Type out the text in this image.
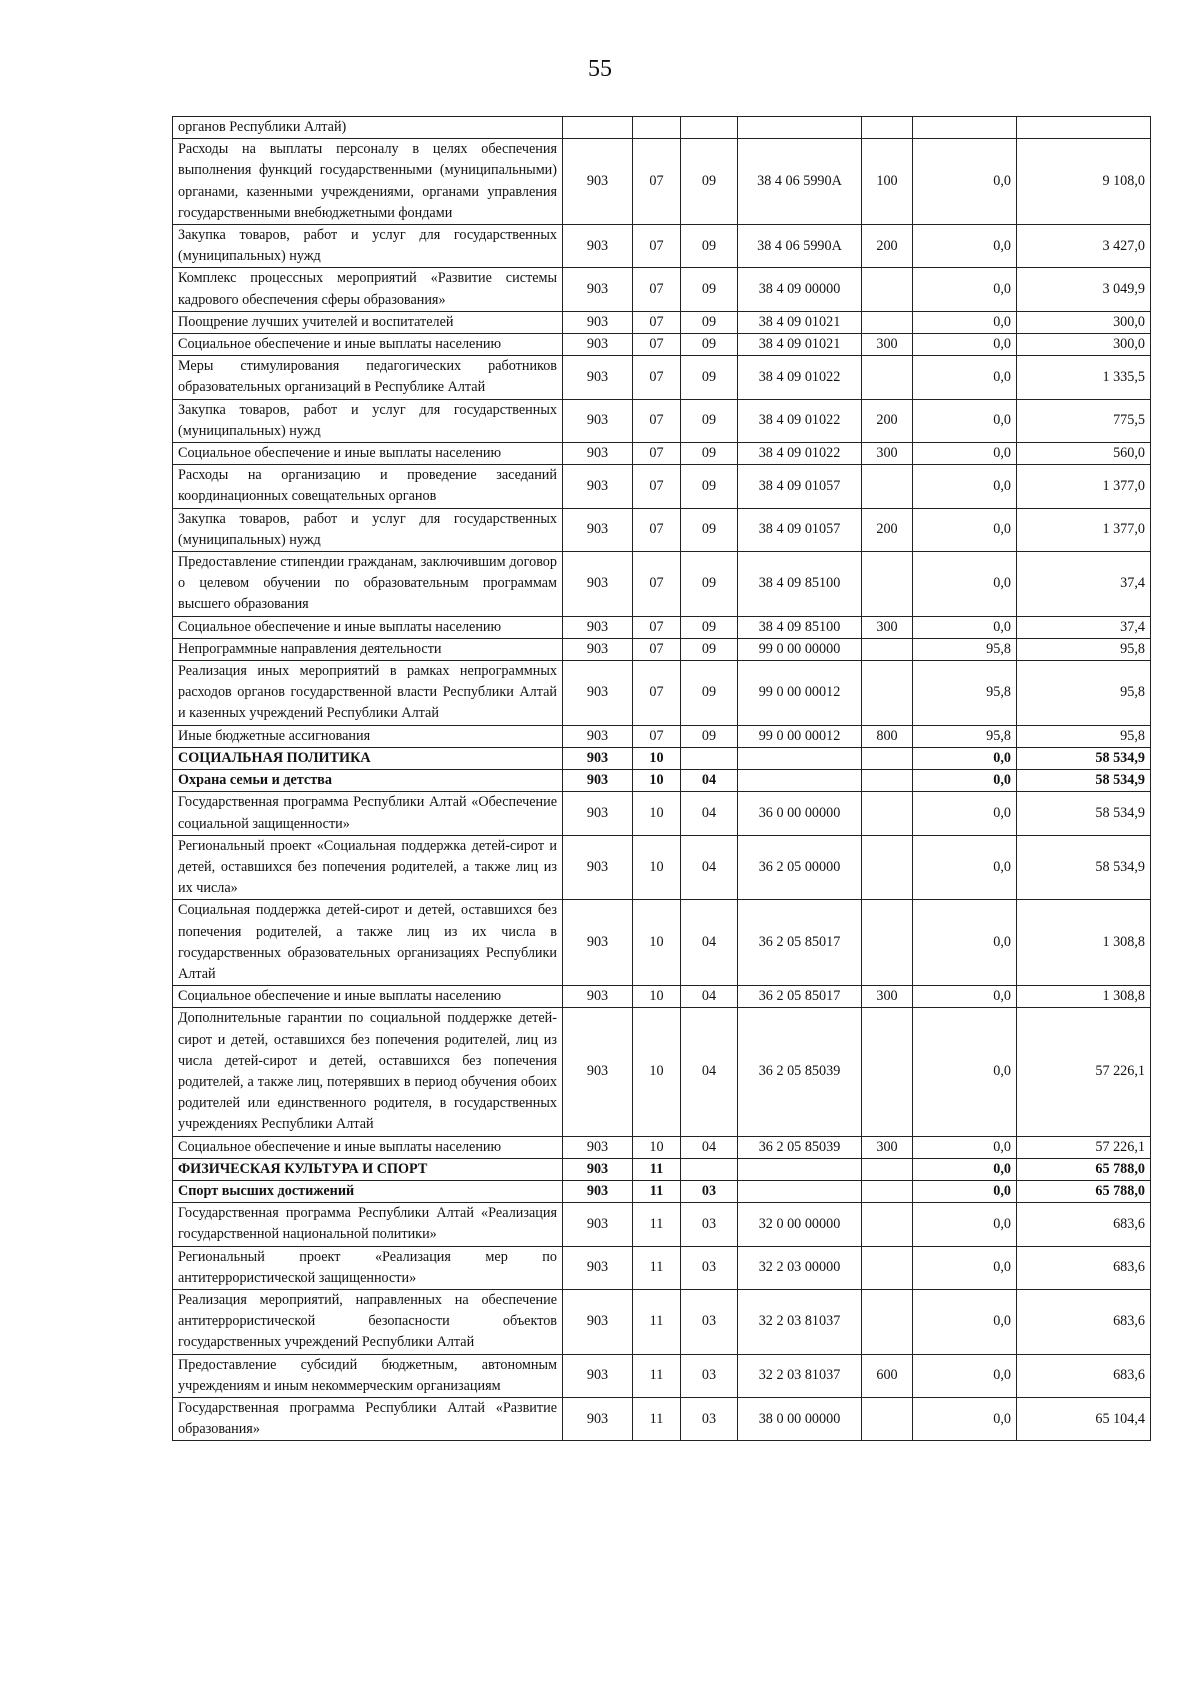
55
органов Республики Алтай)							
Расходы на выплаты персоналу в целях обеспечения выполнения функций государственными (муниципальными) органами, казенными учреждениями, органами управления государственными внебюджетными фондами	903	07	09	38 4 06 5990А	100	0,0	9 108,0
Закупка товаров, работ и услуг для государственных (муниципальных) нужд	903	07	09	38 4 06 5990А	200	0,0	3 427,0
Комплекс процессных мероприятий «Развитие системы кадрового обеспечения сферы образования»	903	07	09	38 4 09 00000		0,0	3 049,9
Поощрение лучших учителей и воспитателей	903	07	09	38 4 09 01021		0,0	300,0
Социальное обеспечение и иные выплаты населению	903	07	09	38 4 09 01021	300	0,0	300,0
Меры стимулирования педагогических работников образовательных организаций в Республике Алтай	903	07	09	38 4 09 01022		0,0	1 335,5
Закупка товаров, работ и услуг для государственных (муниципальных) нужд	903	07	09	38 4 09 01022	200	0,0	775,5
Социальное обеспечение и иные выплаты населению	903	07	09	38 4 09 01022	300	0,0	560,0
Расходы на организацию и проведение заседаний координационных совещательных органов	903	07	09	38 4 09 01057		0,0	1 377,0
Закупка товаров, работ и услуг для государственных (муниципальных) нужд	903	07	09	38 4 09 01057	200	0,0	1 377,0
Предоставление стипендии гражданам, заключившим договор о целевом обучении по образовательным программам высшего образования	903	07	09	38 4 09 85100		0,0	37,4
Социальное обеспечение и иные выплаты населению	903	07	09	38 4 09 85100	300	0,0	37,4
Непрограммные направления деятельности	903	07	09	99 0 00 00000		95,8	95,8
Реализация иных мероприятий в рамках непрограммных расходов органов государственной власти Республики Алтай и казенных учреждений Республики Алтай	903	07	09	99 0 00 00012		95,8	95,8
Иные бюджетные ассигнования	903	07	09	99 0 00 00012	800	95,8	95,8
СОЦИАЛЬНАЯ ПОЛИТИКА	903	10				0,0	58 534,9
Охрана семьи и детства	903	10	04			0,0	58 534,9
Государственная программа Республики Алтай «Обеспечение социальной защищенности»	903	10	04	36 0 00 00000		0,0	58 534,9
Региональный проект «Социальная поддержка детей-сирот и детей, оставшихся без попечения родителей, а также лиц из их числа»	903	10	04	36 2 05 00000		0,0	58 534,9
Социальная поддержка детей-сирот и детей, оставшихся без попечения родителей, а также лиц из их числа в государственных образовательных организациях Республики Алтай	903	10	04	36 2 05 85017		0,0	1 308,8
Социальное обеспечение и иные выплаты населению	903	10	04	36 2 05 85017	300	0,0	1 308,8
Дополнительные гарантии по социальной поддержке детей-сирот и детей, оставшихся без попечения родителей, лиц из числа детей-сирот и детей, оставшихся без попечения родителей, а также лиц, потерявших в период обучения обоих родителей или единственного родителя, в государственных учреждениях Республики Алтай	903	10	04	36 2 05 85039		0,0	57 226,1
Социальное обеспечение и иные выплаты населению	903	10	04	36 2 05 85039	300	0,0	57 226,1
ФИЗИЧЕСКАЯ КУЛЬТУРА И СПОРТ	903	11				0,0	65 788,0
Спорт высших достижений	903	11	03			0,0	65 788,0
Государственная программа Республики Алтай «Реализация государственной национальной политики»	903	11	03	32 0 00 00000		0,0	683,6
Региональный проект «Реализация мер по антитеррористической защищенности»	903	11	03	32 2 03 00000		0,0	683,6
Реализация мероприятий, направленных на обеспечение антитеррористической безопасности объектов государственных учреждений Республики Алтай	903	11	03	32 2 03 81037		0,0	683,6
Предоставление субсидий бюджетным, автономным учреждениям и иным некоммерческим организациям	903	11	03	32 2 03 81037	600	0,0	683,6
Государственная программа Республики Алтай «Развитие образования»	903	11	03	38 0 00 00000		0,0	65 104,4
